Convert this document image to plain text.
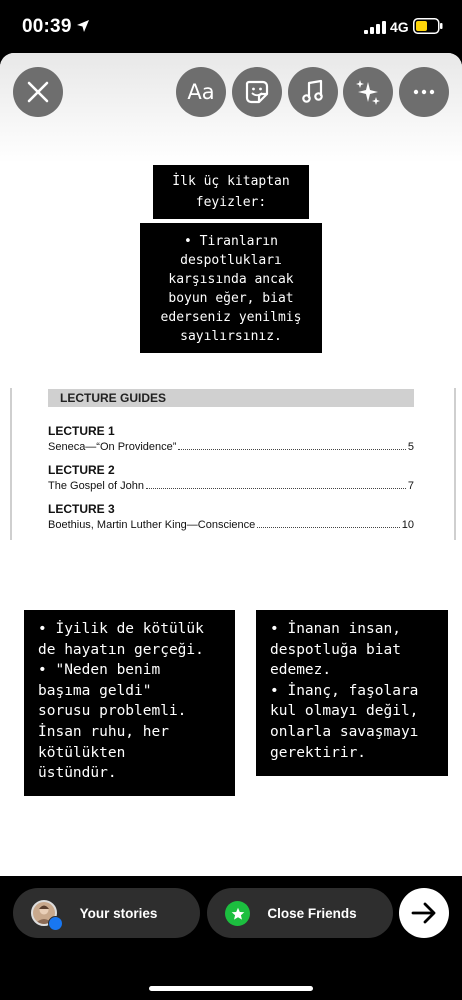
00:39	4G
Aa
İlk üç kitaptan
feyizler:
• Tiranların
despotlukları
karşısında ancak
boyun eğer, biat
ederseniz yenilmiş
sayılırsınız.
LECTURE GUIDES
LECTURE 1
Seneca—“On Providence”	5
LECTURE 2
The Gospel of John	7
LECTURE 3
Boethius, Martin Luther King—Conscience	10
• İyilik de kötülük
de hayatın gerçeği.
• "Neden benim
başıma geldi"
sorusu problemli.
İnsan ruhu, her
kötülükten
üstündür.
• İnanan insan,
despotluğa biat
edemez.
• İnanç, faşolara
kul olmayı değil,
onlarla savaşmayı
gerektirir.
Your stories	Close Friends
